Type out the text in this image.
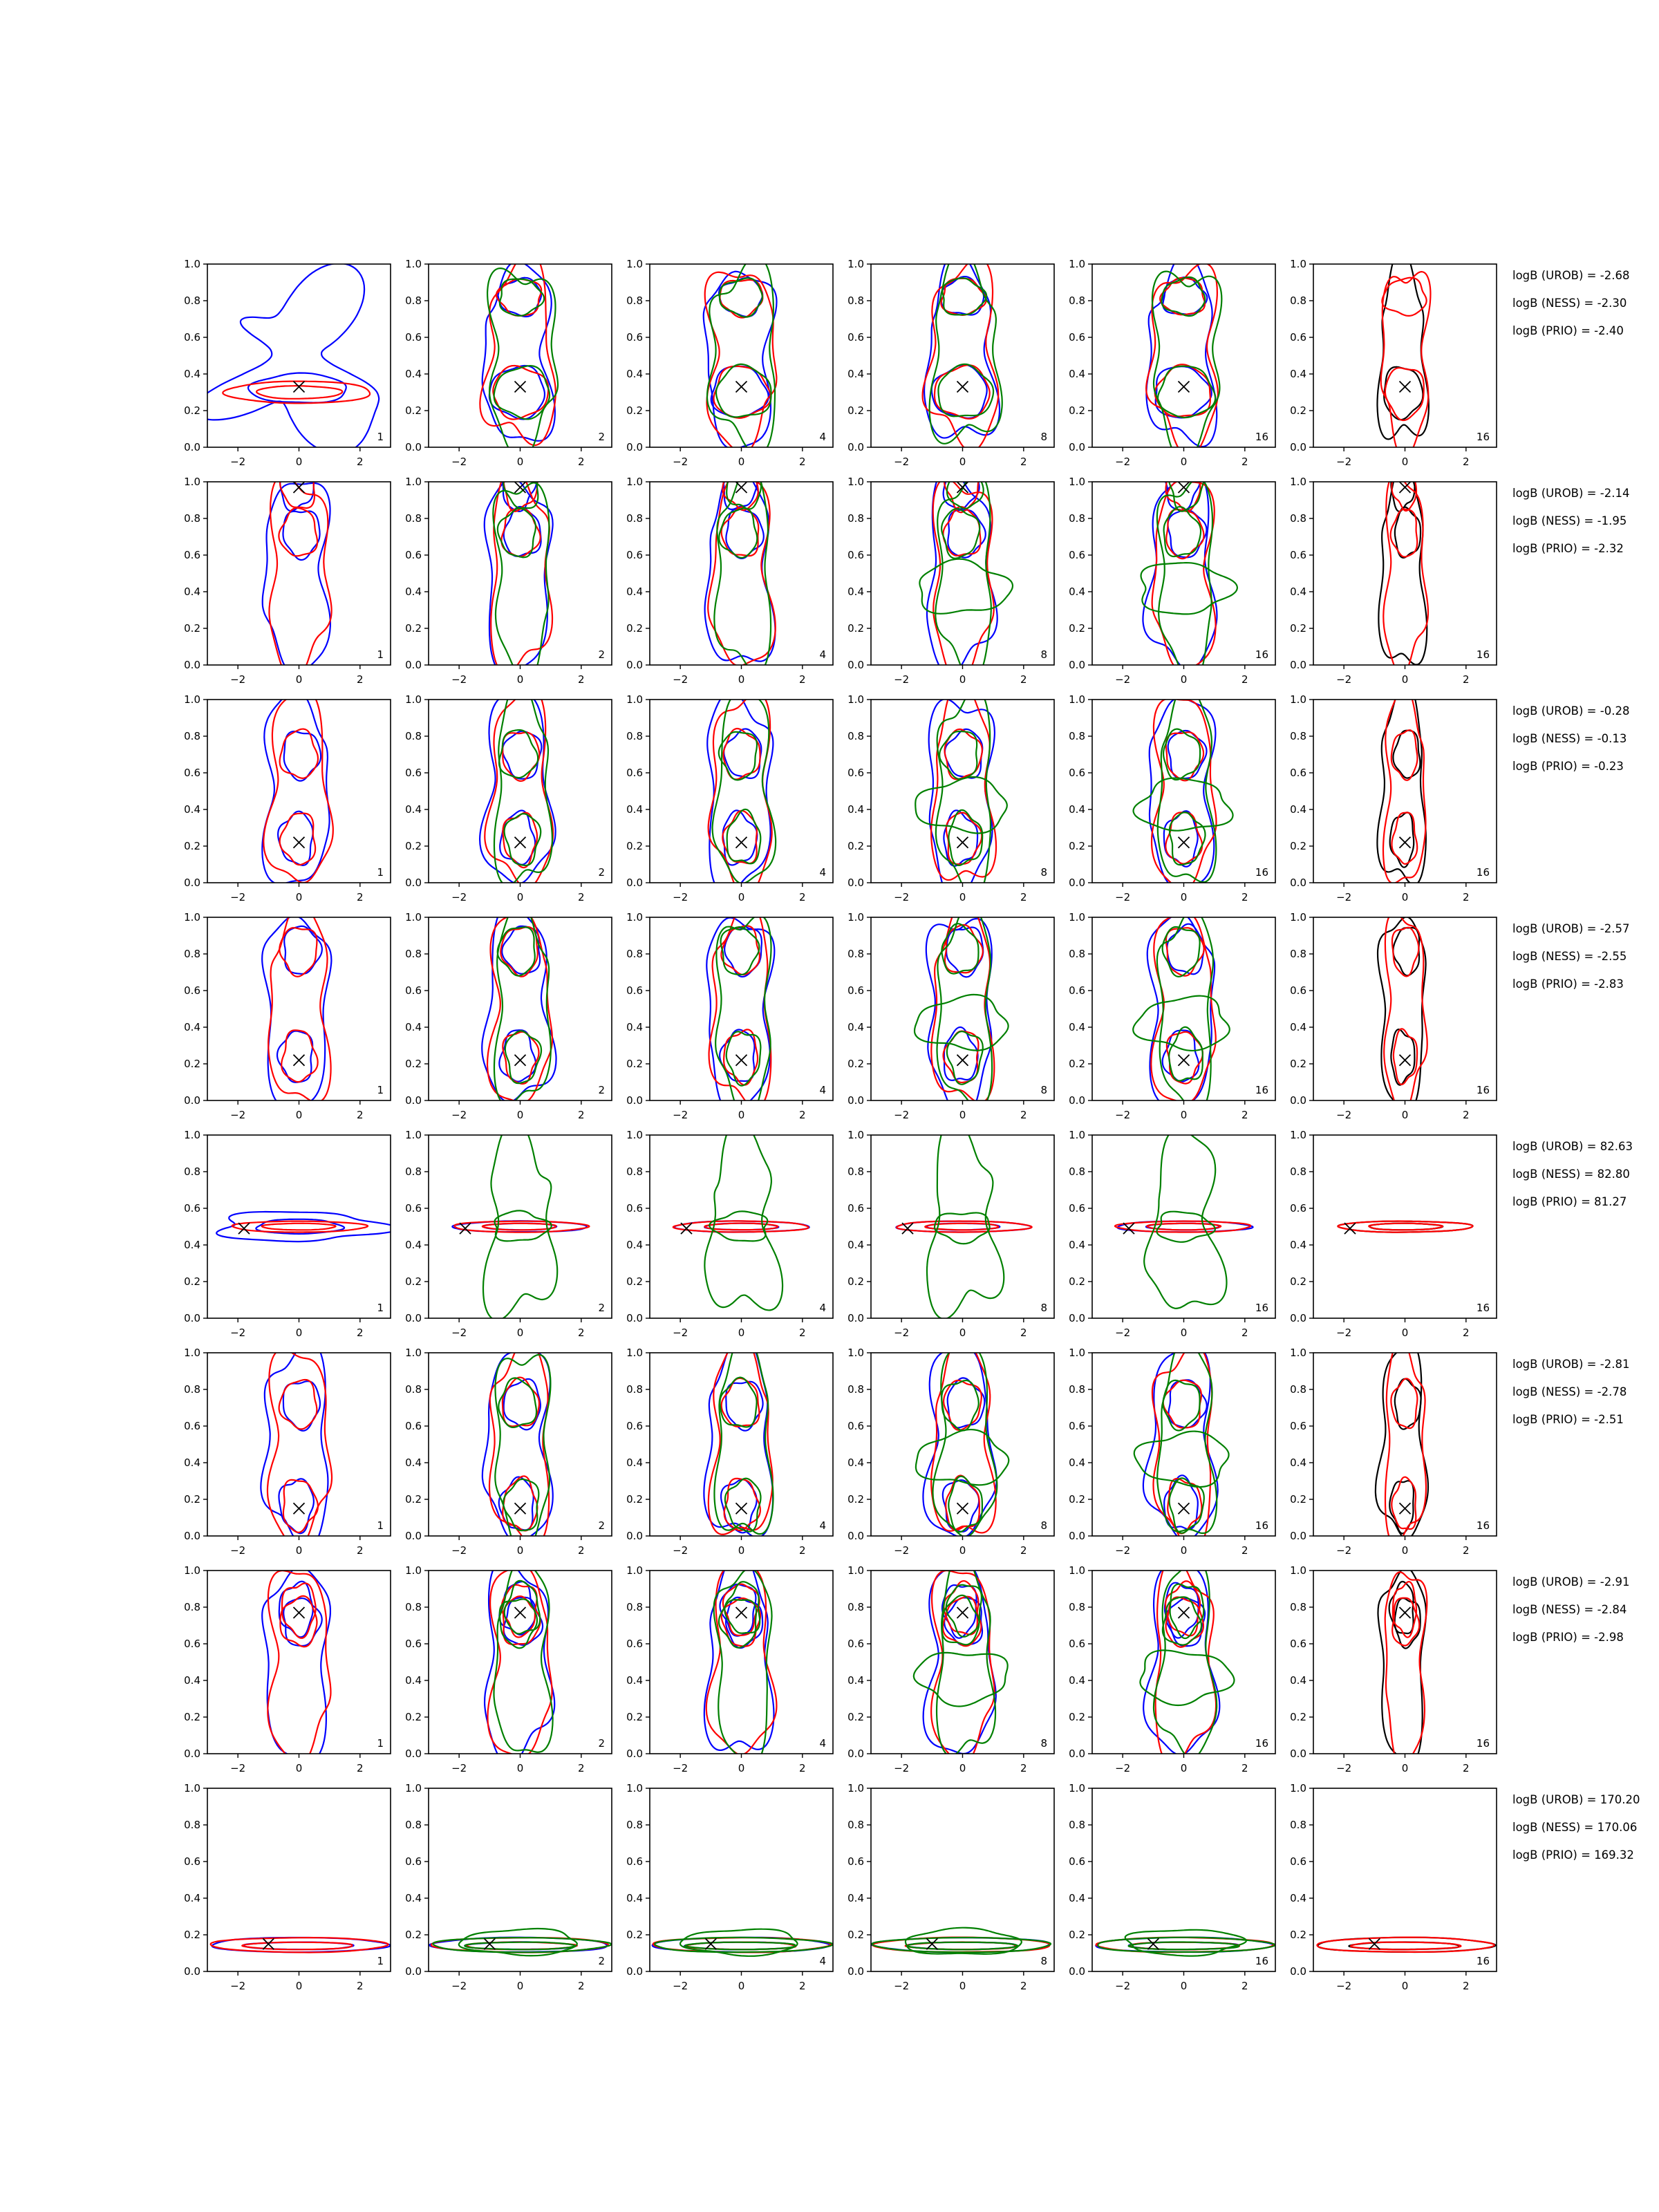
−2	0	2
0.0
0.2
0.4
0.6
0.8
1.0
1
−2	0	2
0.0
0.2
0.4
0.6
0.8
1.0
2
−2	0	2
0.0
0.2
0.4
0.6
0.8
1.0
4
−2	0	2
0.0
0.2
0.4
0.6
0.8
1.0
8
−2	0	2
0.0
0.2
0.4
0.6
0.8
1.0
16
−2	0	2
0.0
0.2
0.4
0.6
0.8
1.0
16
logB (UROB) = -2.68
logB (NESS) = -2.30
logB (PRIO) = -2.40
−2	0	2
0.0
0.2
0.4
0.6
0.8
1.0
1
−2	0	2
0.0
0.2
0.4
0.6
0.8
1.0
2
−2	0	2
0.0
0.2
0.4
0.6
0.8
1.0
4
−2	0	2
0.0
0.2
0.4
0.6
0.8
1.0
8
−2	0	2
0.0
0.2
0.4
0.6
0.8
1.0
16
−2	0	2
0.0
0.2
0.4
0.6
0.8
1.0
16
logB (UROB) = -2.14
logB (NESS) = -1.95
logB (PRIO) = -2.32
−2	0	2
0.0
0.2
0.4
0.6
0.8
1.0
1
−2	0	2
0.0
0.2
0.4
0.6
0.8
1.0
2
−2	0	2
0.0
0.2
0.4
0.6
0.8
1.0
4
−2	0	2
0.0
0.2
0.4
0.6
0.8
1.0
8
−2	0	2
0.0
0.2
0.4
0.6
0.8
1.0
16
−2	0	2
0.0
0.2
0.4
0.6
0.8
1.0
16
logB (UROB) = -0.28
logB (NESS) = -0.13
logB (PRIO) = -0.23
−2	0	2
0.0
0.2
0.4
0.6
0.8
1.0
1
−2	0	2
0.0
0.2
0.4
0.6
0.8
1.0
2
−2	0	2
0.0
0.2
0.4
0.6
0.8
1.0
4
−2	0	2
0.0
0.2
0.4
0.6
0.8
1.0
8
−2	0	2
0.0
0.2
0.4
0.6
0.8
1.0
16
−2	0	2
0.0
0.2
0.4
0.6
0.8
1.0
16
logB (UROB) = -2.57
logB (NESS) = -2.55
logB (PRIO) = -2.83
−2	0	2
0.0
0.2
0.4
0.6
0.8
1.0
1
−2	0	2
0.0
0.2
0.4
0.6
0.8
1.0
2
−2	0	2
0.0
0.2
0.4
0.6
0.8
1.0
4
−2	0	2
0.0
0.2
0.4
0.6
0.8
1.0
8
−2	0	2
0.0
0.2
0.4
0.6
0.8
1.0
16
−2	0	2
0.0
0.2
0.4
0.6
0.8
1.0
16
logB (UROB) = 82.63
logB (NESS) = 82.80
logB (PRIO) = 81.27
−2	0	2
0.0
0.2
0.4
0.6
0.8
1.0
1
−2	0	2
0.0
0.2
0.4
0.6
0.8
1.0
2
−2	0	2
0.0
0.2
0.4
0.6
0.8
1.0
4
−2	0	2
0.0
0.2
0.4
0.6
0.8
1.0
8
−2	0	2
0.0
0.2
0.4
0.6
0.8
1.0
16
−2	0	2
0.0
0.2
0.4
0.6
0.8
1.0
16
logB (UROB) = -2.81
logB (NESS) = -2.78
logB (PRIO) = -2.51
−2	0	2
0.0
0.2
0.4
0.6
0.8
1.0
1
−2	0	2
0.0
0.2
0.4
0.6
0.8
1.0
2
−2	0	2
0.0
0.2
0.4
0.6
0.8
1.0
4
−2	0	2
0.0
0.2
0.4
0.6
0.8
1.0
8
−2	0	2
0.0
0.2
0.4
0.6
0.8
1.0
16
−2	0	2
0.0
0.2
0.4
0.6
0.8
1.0
16
logB (UROB) = -2.91
logB (NESS) = -2.84
logB (PRIO) = -2.98
−2	0	2
0.0
0.2
0.4
0.6
0.8
1.0
1
−2	0	2
0.0
0.2
0.4
0.6
0.8
1.0
2
−2	0	2
0.0
0.2
0.4
0.6
0.8
1.0
4
−2	0	2
0.0
0.2
0.4
0.6
0.8
1.0
8
−2	0	2
0.0
0.2
0.4
0.6
0.8
1.0
16
−2	0	2
0.0
0.2
0.4
0.6
0.8
1.0
16
logB (UROB) = 170.20
logB (NESS) = 170.06
logB (PRIO) = 169.32
